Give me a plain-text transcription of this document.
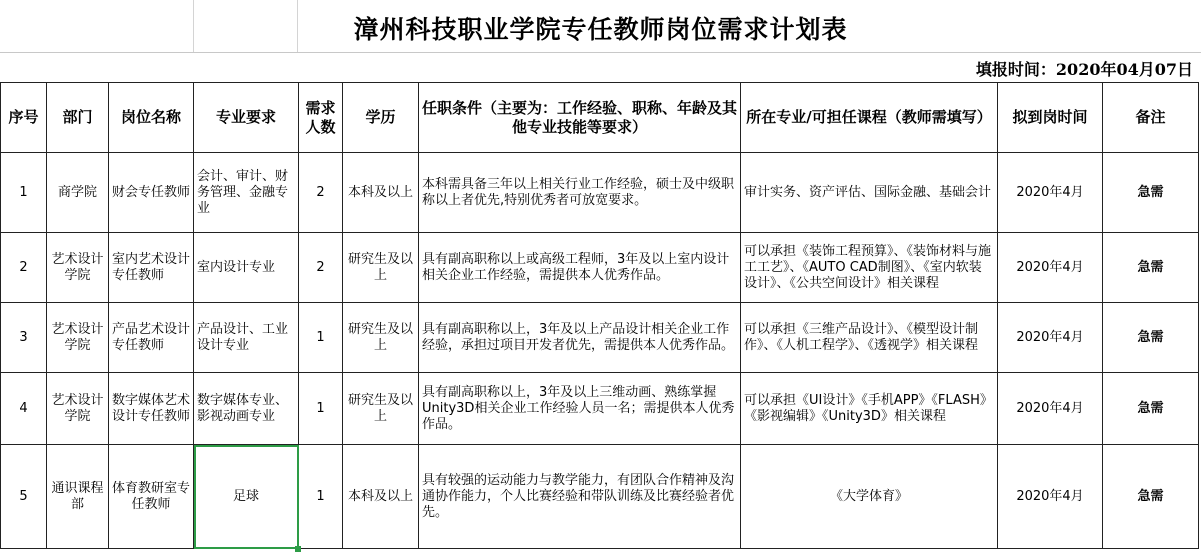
漳州科技职业学院专任教师岗位需求计划表
填报时间：2020年04月07日
序号	部门	岗位名称	专业要求	需求人数	学历	任职条件（主要为：工作经验、职称、年龄及其他专业技能等要求）	所在专业/可担任课程（教师需填写）	拟到岗时间	备注
1	商学院	财会专任教师	会计、审计、财务管理、金融专业	2	本科及以上	本科需具备三年以上相关行业工作经验，硕士及中级职称以上者优先,特别优秀者可放宽要求。	审计实务、资产评估、国际金融、基础会计	2020年4月	急需
2	艺术设计学院	室内艺术设计专任教师	室内设计专业	2	研究生及以上	具有副高职称以上或高级工程师，3年及以上室内设计相关企业工作经验，需提供本人优秀作品。	可以承担《装饰工程预算》、《装饰材料与施工工艺》、《AUTO CAD制图》、《室内软装设计》、《公共空间设计》相关课程	2020年4月	急需
3	艺术设计学院	产品艺术设计专任教师	产品设计、工业设计专业	1	研究生及以上	具有副高职称以上，3年及以上产品设计相关企业工作经验，承担过项目开发者优先，需提供本人优秀作品。	可以承担《三维产品设计》、《模型设计制作》、《人机工程学》、《透视学》相关课程	2020年4月	急需
4	艺术设计学院	数字媒体艺术设计专任教师	数字媒体专业、影视动画专业	1	研究生及以上	具有副高职称以上，3年及以上三维动画、熟练掌握Unity3D相关企业工作经验人员一名；需提供本人优秀作品。	可以承担《UI设计》《手机APP》《FLASH》《影视编辑》《Unity3D》相关课程	2020年4月	急需
5	通识课程部	体育教研室专任教师	足球	1	本科及以上	具有较强的运动能力与教学能力，有团队合作精神及沟通协作能力，个人比赛经验和带队训练及比赛经验者优先。	《大学体育》	2020年4月	急需
